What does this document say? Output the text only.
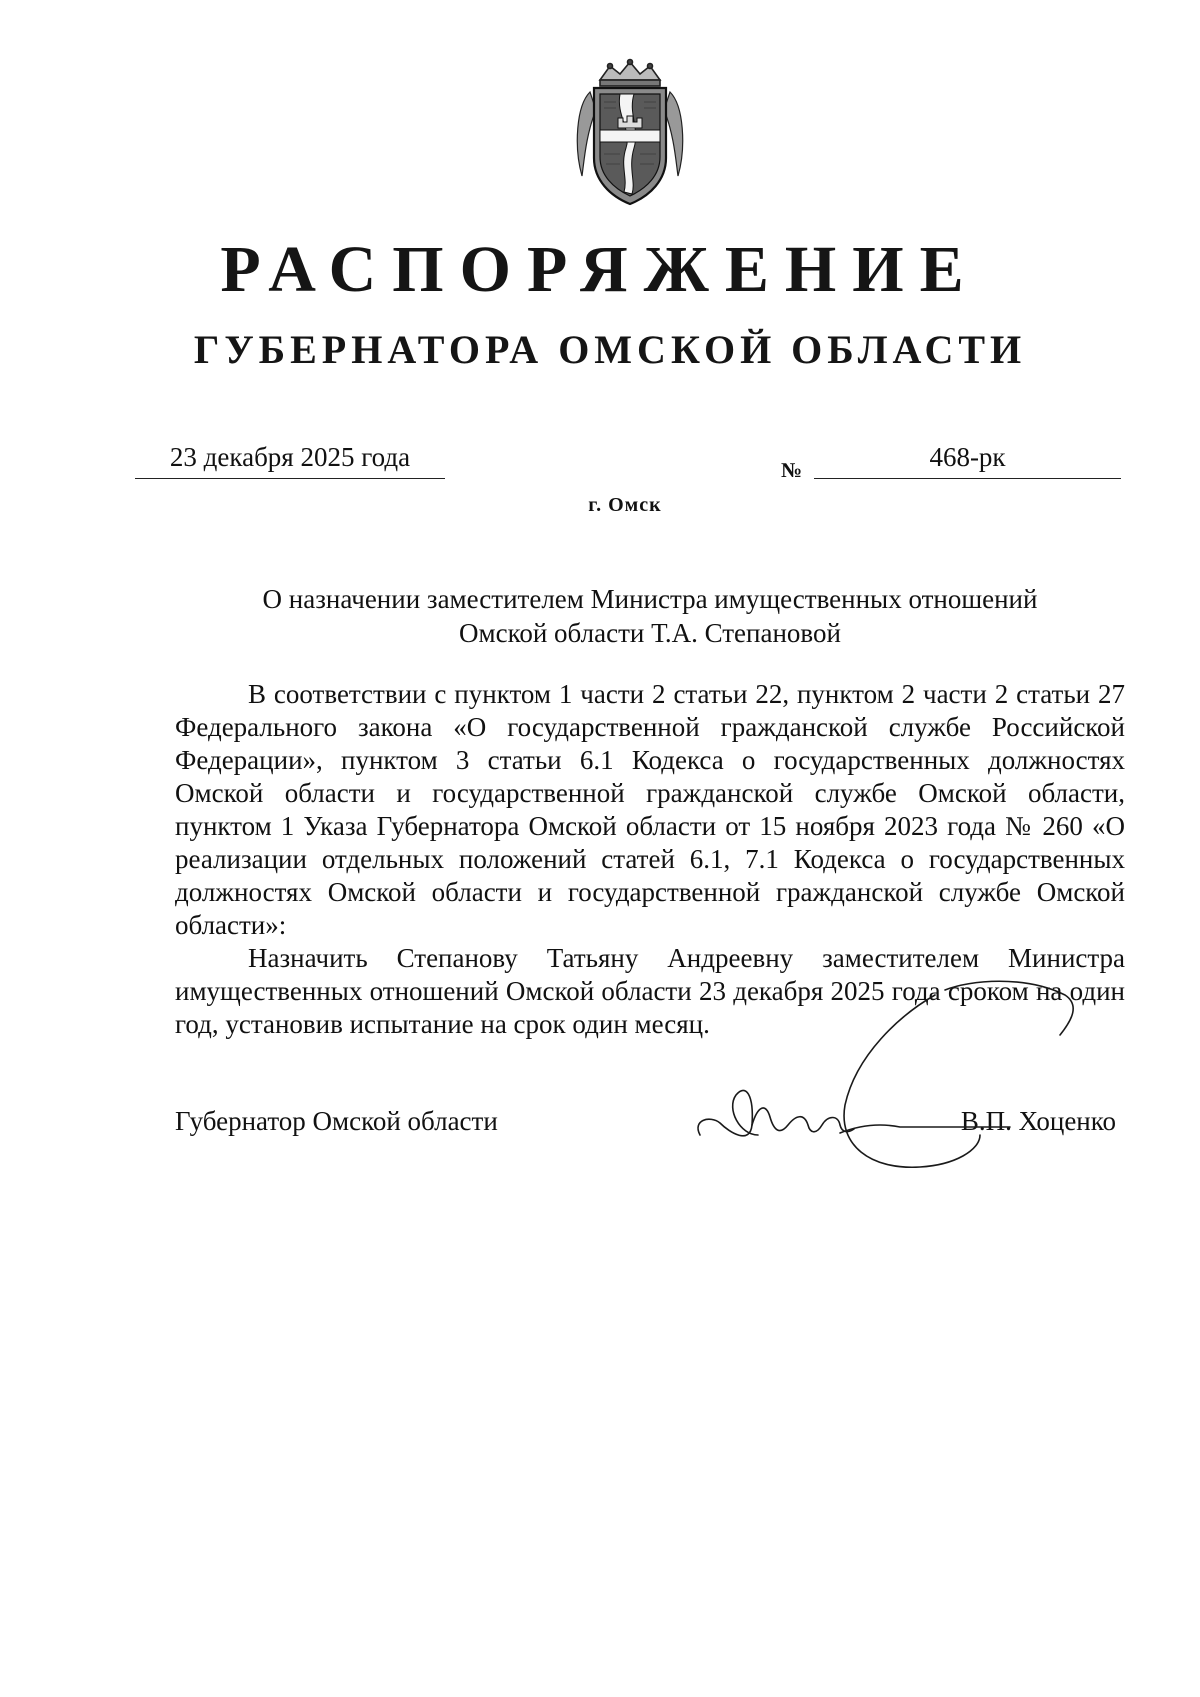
РАСПОРЯЖЕНИЕ
ГУБЕРНАТОРА ОМСКОЙ ОБЛАСТИ
23 декабря 2025 года	№	468-рк
г. Омск
О назначении заместителем Министра имущественных отношений
Омской области Т.А. Степановой

В соответствии с пунктом 1 части 2 статьи 22, пунктом 2 части 2 статьи 27 Федерального закона «О государственной гражданской службе Российской Федерации», пунктом 3 статьи 6.1 Кодекса о государственных должностях Омской области и государственной гражданской службе Омской области, пунктом 1 Указа Губернатора Омской области от 15 ноября 2023 года № 260 «О реализации отдельных положений статей 6.1, 7.1 Кодекса о государственных должностях Омской области и государственной гражданской службе Омской области»:

Назначить Степанову Татьяну Андреевну заместителем Министра имущественных отношений Омской области 23 декабря 2025 года сроком на один год, установив испытание на срок один месяц.

Губернатор Омской области	В.П. Хоценко
